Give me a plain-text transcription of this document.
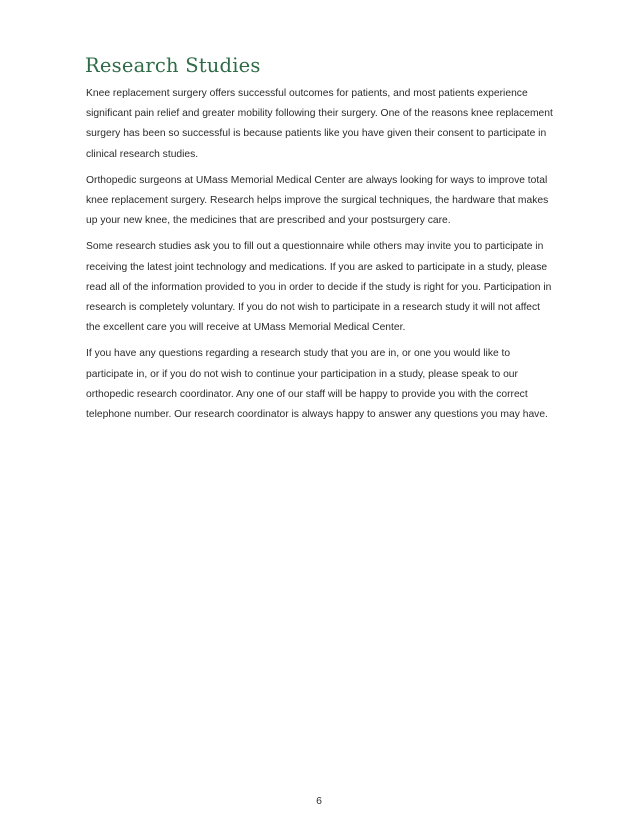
Research Studies

Knee replacement surgery offers successful outcomes for patients, and most patients experience significant pain relief and greater mobility following their surgery. One of the reasons knee replacement surgery has been so successful is because patients like you have given their consent to participate in clinical research studies.

Orthopedic surgeons at UMass Memorial Medical Center are always looking for ways to improve total knee replacement surgery. Research helps improve the surgical techniques, the hardware that makes up your new knee, the medicines that are prescribed and your postsurgery care.

Some research studies ask you to fill out a questionnaire while others may invite you to participate in receiving the latest joint technology and medications. If you are asked to participate in a study, please read all of the information provided to you in order to decide if the study is right for you. Participation in research is completely voluntary. If you do not wish to participate in a research study it will not affect the excellent care you will receive at UMass Memorial Medical Center.

If you have any questions regarding a research study that you are in, or one you would like to participate in, or if you do not wish to continue your participation in a study, please speak to our orthopedic research coordinator. Any one of our staff will be happy to provide you with the correct telephone number. Our research coordinator is always happy to answer any questions you may have.

6
